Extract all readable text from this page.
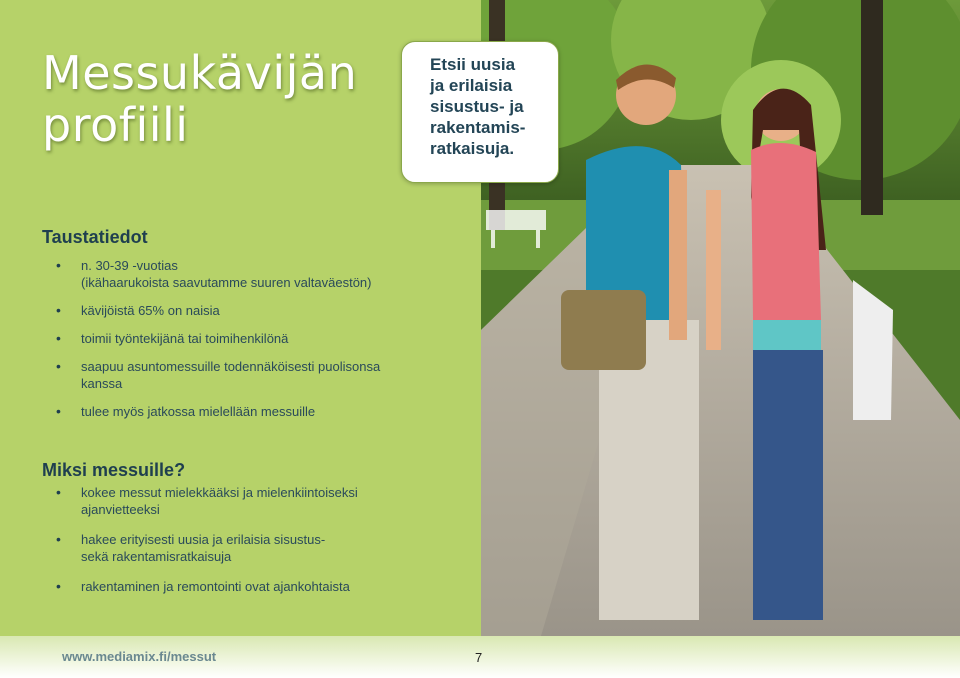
Messukävijän
profiili
Taustatiedot
• n. 30-39 -vuotias
(ikähaarukoista saavutamme suuren valtaväestön)
• kävijöistä 65% on naisia
• toimii työntekijänä tai toimihenkilönä
• saapuu asuntomessuille todennäköisesti puolisonsa
kanssa
• tulee myös jatkossa mielellään messuille
Miksi messuille?
• kokee messut mielekkääksi ja mielenkiintoiseksi
ajanvietteeksi
• hakee erityisesti uusia ja erilaisia sisustus-
sekä rakentamisratkaisuja
• rakentaminen ja remontointi ovat ajankohtaista
Etsii uusia
ja erilaisia
sisustus- ja
rakentamis-
ratkaisuja.
www.mediamix.fi/messut	7
